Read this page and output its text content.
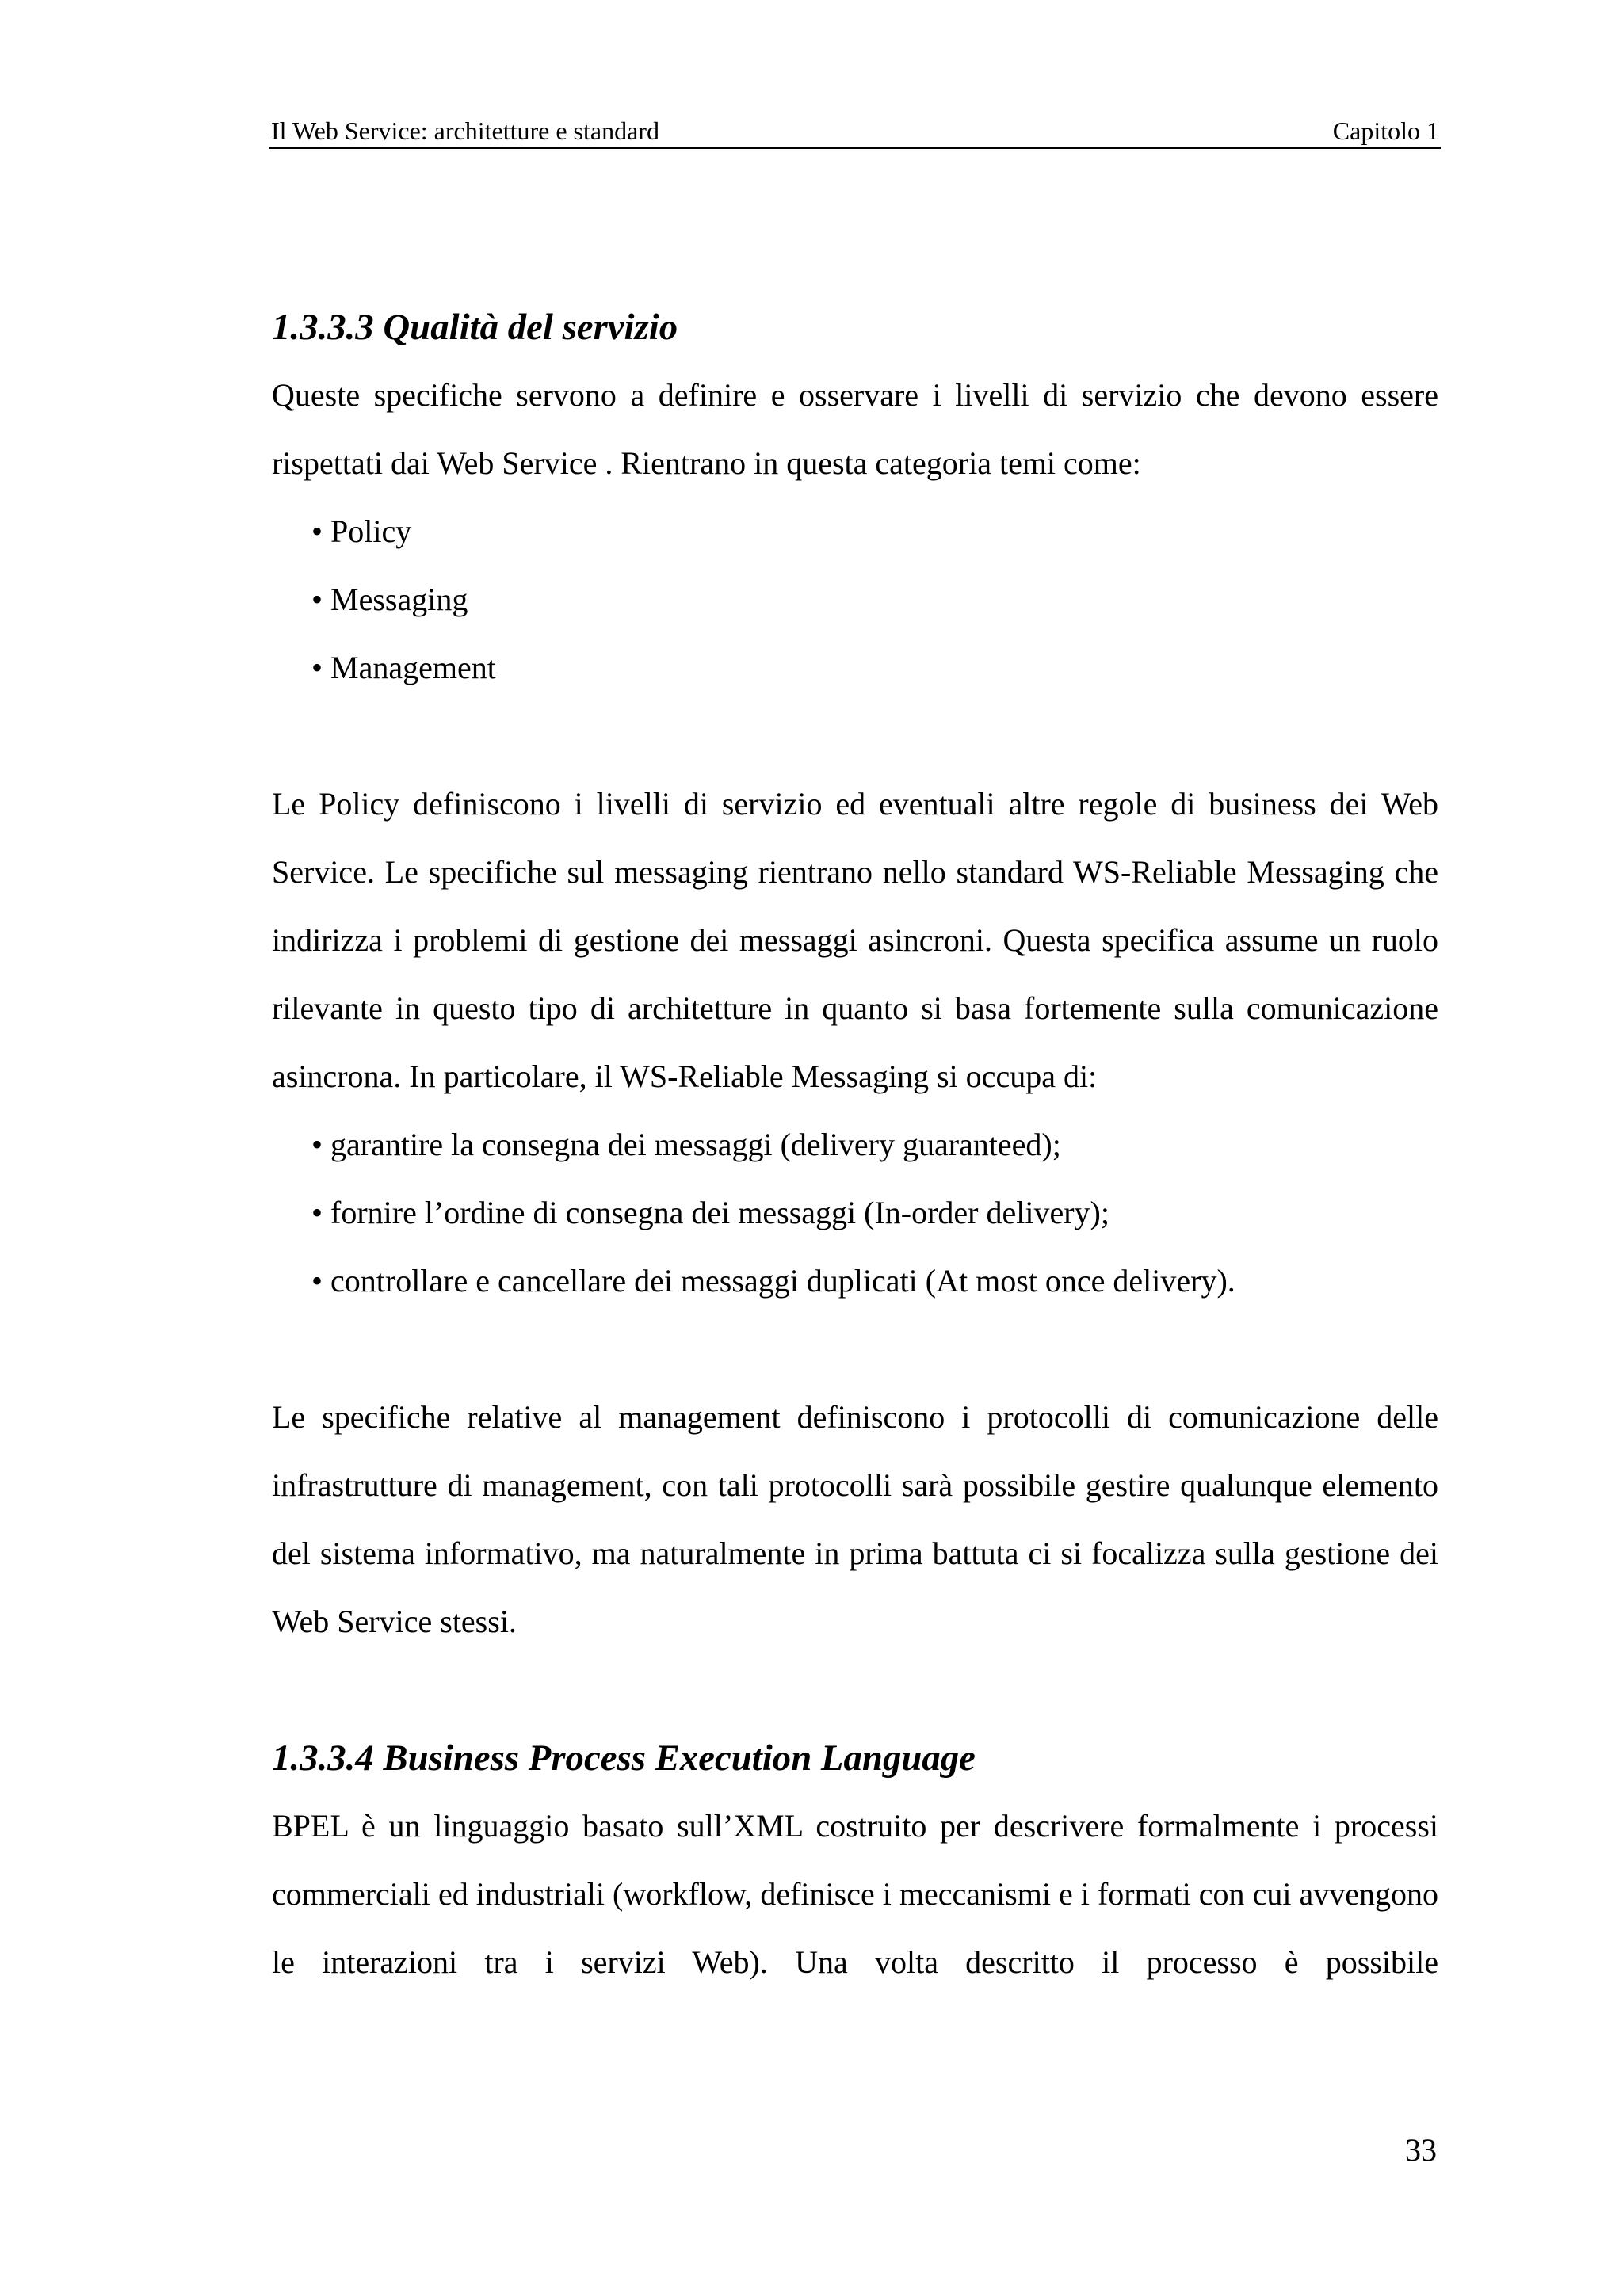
Il Web Service: architetture e standard	Capitolo 1
1.3.3.3 Qualità del servizio

Queste specifiche servono a definire e osservare i livelli di servizio che devono essere rispettati dai Web Service . Rientrano in questa categoria temi come:

• Policy
• Messaging
• Management

Le Policy definiscono i livelli di servizio ed eventuali altre regole di business dei Web Service. Le specifiche sul messaging rientrano nello standard WS-Reliable Messaging che indirizza i problemi di gestione dei messaggi asincroni. Questa specifica assume un ruolo rilevante in questo tipo di architetture in quanto si basa fortemente sulla comunicazione asincrona. In particolare, il WS-Reliable Messaging si occupa di:

• garantire la consegna dei messaggi (delivery guaranteed);
• fornire l’ordine di consegna dei messaggi (In-order delivery);
• controllare e cancellare dei messaggi duplicati (At most once delivery).

Le specifiche relative al management definiscono i protocolli di comunicazione delle infrastrutture di management, con tali protocolli sarà possibile gestire qualunque elemento del sistema informativo, ma naturalmente in prima battuta ci si focalizza sulla gestione dei Web Service stessi.

1.3.3.4 Business Process Execution Language

BPEL è un linguaggio basato sull’XML costruito per descrivere formalmente i processi commerciali ed industriali (workflow, definisce i meccanismi e i formati con cui avvengono le interazioni tra i servizi Web). Una volta descritto il processo è possibile

33
